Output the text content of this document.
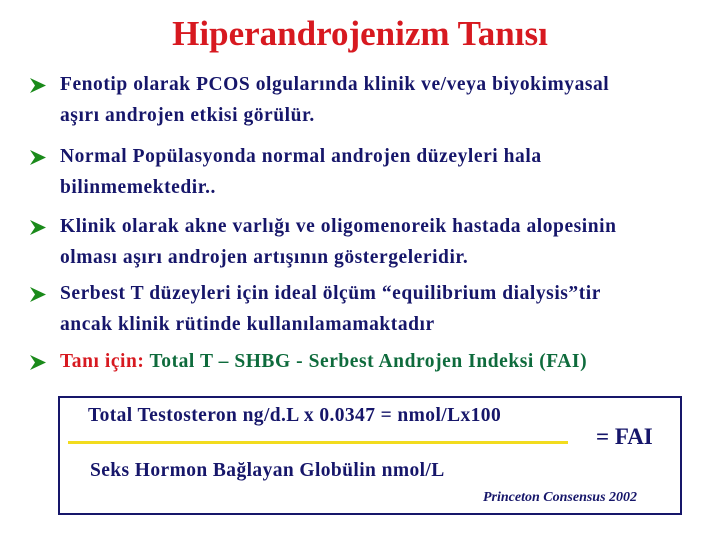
Hiperandrojenizm Tanısı
Fenotip olarak PCOS olgularında klinik ve/veya biyokimyasal
aşırı androjen etkisi görülür.
Normal Popülasyonda normal androjen düzeyleri hala
bilinmemektedir..
Klinik olarak akne varlığı ve oligomenoreik hastada alopesinin
olması aşırı androjen artışının göstergeleridir.
Serbest T düzeyleri için ideal ölçüm “equilibrium dialysis”tir
ancak klinik rütinde kullanılamamaktadır
Tanı için: Total T – SHBG - Serbest Androjen Indeksi (FAI)
Total Testosteron ng/d.L x 0.0347 = nmol/Lx100
= FAI
Seks Hormon Bağlayan Globülin nmol/L
Princeton Consensus 2002
